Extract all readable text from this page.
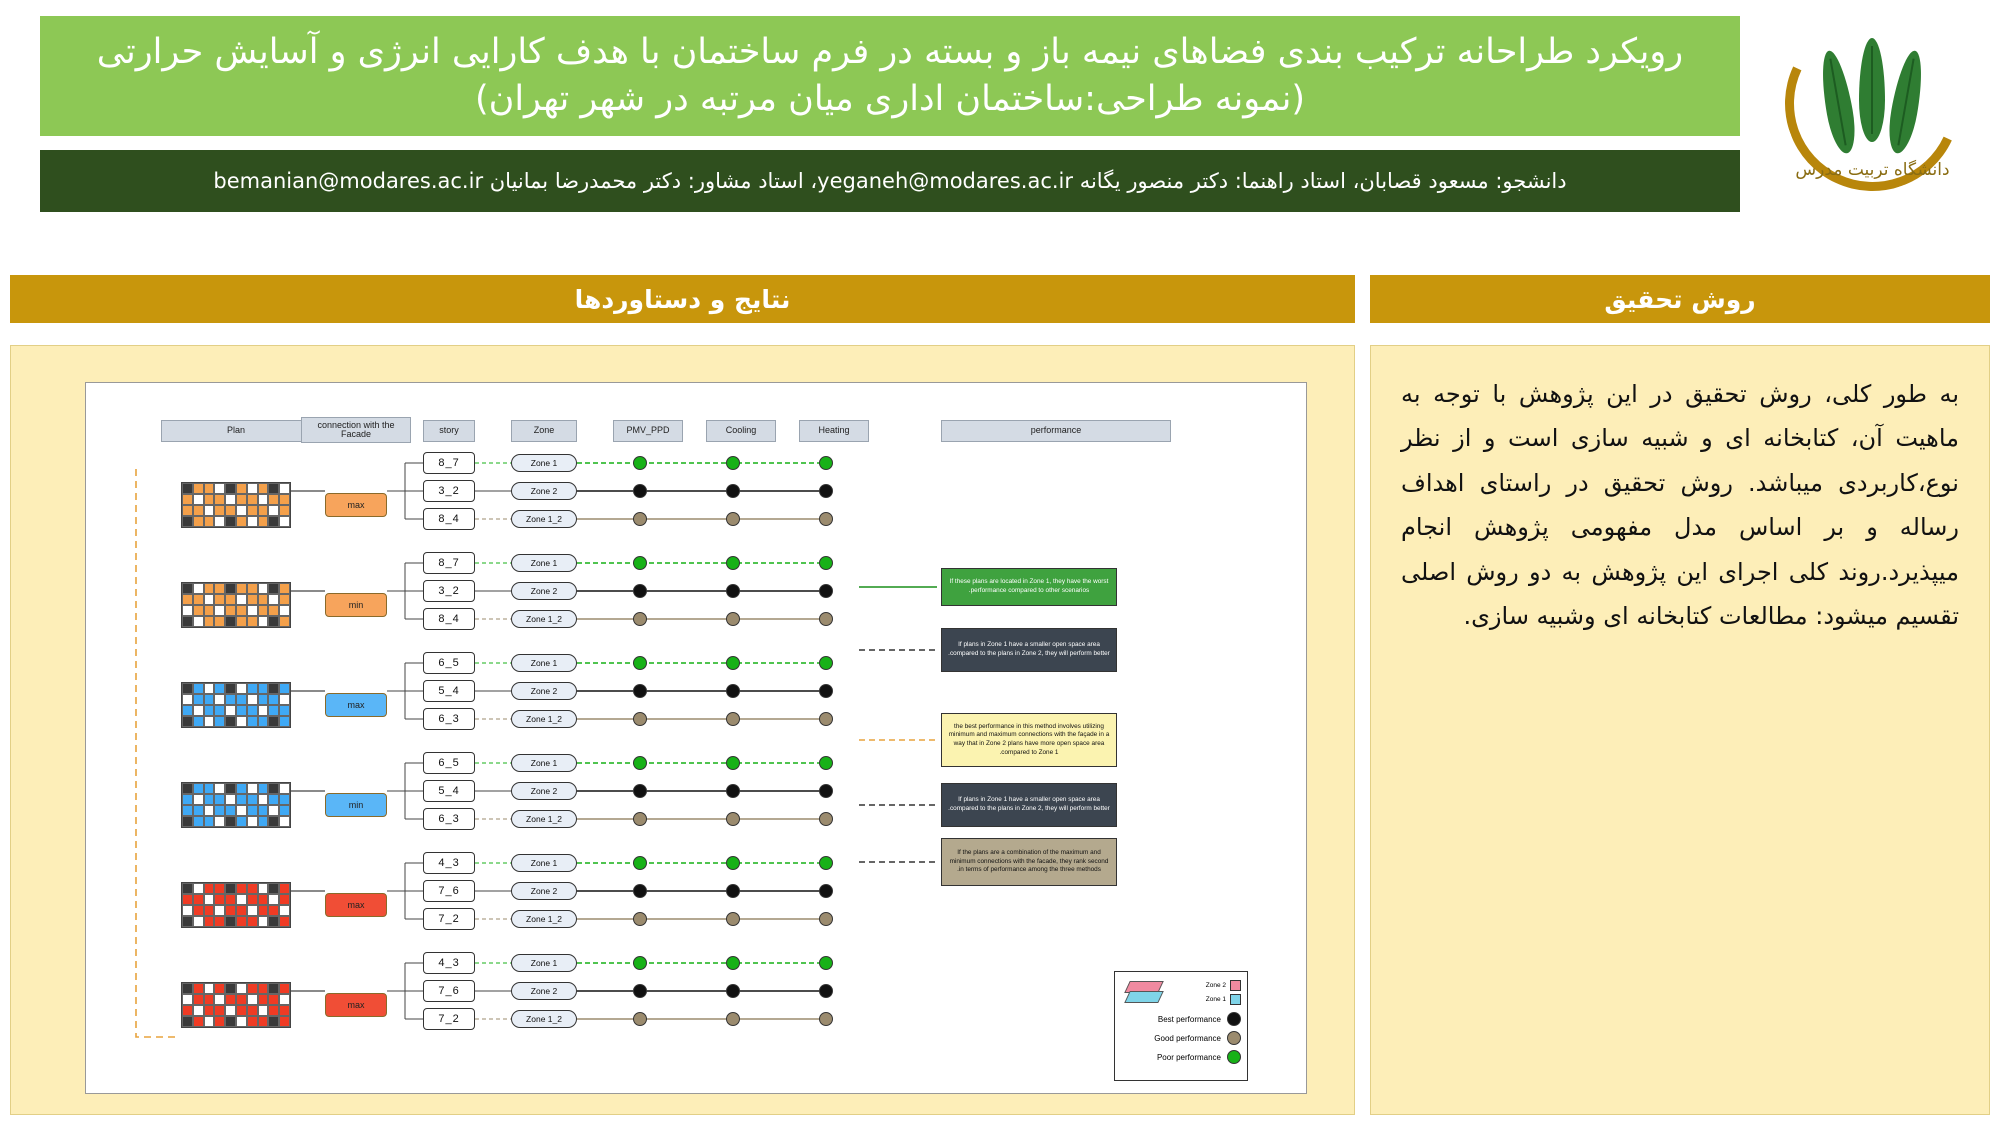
رویکرد طراحانه ترکیب بندی فضاهای نیمه باز و بسته در فرم ساختمان با هدف کارایی انرژی و آسایش حرارتی (نمونه طراحی:ساختمان اداری میان مرتبه در شهر تهران)
دانشجو: مسعود قصابان، استاد راهنما: دکتر منصور یگانه yeganeh@modares.ac.ir، استاد مشاور: دکتر محمدرضا بمانیان bemanian@modares.ac.ir	دانشگاه تربیت مدرس
نتایج و دستاوردها	روش تحقیق
به طور کلی، روش تحقیق در این پژوهش با توجه به ماهیت آن، کتابخانه ای و شبیه سازی است و از نظر نوع،کاربردی میباشد. روش تحقیق در راستای اهداف رساله و بر اساس مدل مفهومی پژوهش انجام میپذیرد.روند کلی اجرای این پژوهش به دو روش اصلی تقسیم میشود: مطالعات کتابخانه ای وشبیه سازی.
Plan
connection with the Facade	story	Zone	PMV_PPD	Cooling	Heating	performance
max
7_8	Zone 1
2_3	Zone 2
4_8	Zone 1_2
min
7_8	Zone 1
2_3	Zone 2
4_8	Zone 1_2
max
5_6	Zone 1
4_5	Zone 2
3_6	Zone 1_2
min
5_6	Zone 1
4_5	Zone 2
3_6	Zone 1_2
max
3_4	Zone 1
6_7	Zone 2
2_7	Zone 1_2
max
3_4	Zone 1
6_7	Zone 2
2_7	Zone 1_2
If these plans are located in Zone 1, they have the worst performance compared to other scenarios.
If plans in Zone 1 have a smaller open space area compared to the plans in Zone 2, they will perform better.
the best performance in this method involves utilizing minimum and maximum connections with the façade in a way that in Zone 2 plans have more open space area compared to Zone 1.
If plans in Zone 1 have a smaller open space area compared to the plans in Zone 2, they will perform better.
If the plans are a combination of the maximum and minimum connections with the facade, they rank second in terms of performance among the three methods.
Zone 2
Zone 1
Best performance
Good performance
Poor performance
